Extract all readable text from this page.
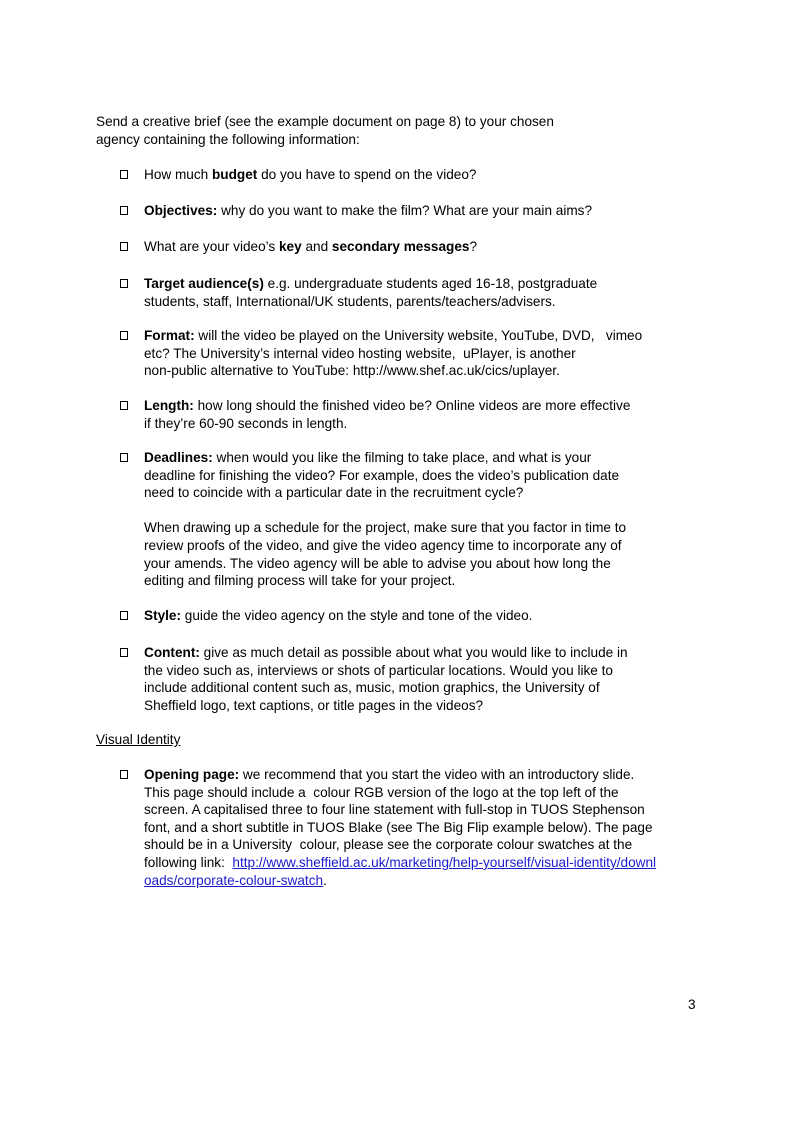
Send a creative brief (see the example document on page 8) to your chosen
agency containing the following information:

How much budget do you have to spend on the video?
Objectives: why do you want to make the film? What are your main aims?
What are your video’s key and secondary messages?
Target audience(s) e.g. undergraduate students aged 16-18, postgraduate
students, staff, International/UK students, parents/teachers/advisers.
Format: will the video be played on the University website, YouTube, DVD,   vimeo
etc? The University’s internal video hosting website,  uPlayer, is another
non-public alternative to YouTube: http://www.shef.ac.uk/cics/uplayer.
Length: how long should the finished video be? Online videos are more effective
if they’re 60-90 seconds in length.
Deadlines: when would you like the filming to take place, and what is your
deadline for finishing the video? For example, does the video’s publication date
need to coincide with a particular date in the recruitment cycle?
When drawing up a schedule for the project, make sure that you factor in time to
review proofs of the video, and give the video agency time to incorporate any of
your amends. The video agency will be able to advise you about how long the
editing and filming process will take for your project.
Style: guide the video agency on the style and tone of the video.
Content: give as much detail as possible about what you would like to include in
the video such as, interviews or shots of particular locations. Would you like to
include additional content such as, music, motion graphics, the University of
Sheffield logo, text captions, or title pages in the videos?
Visual Identity
Opening page: we recommend that you start the video with an introductory slide.
This page should include a  colour RGB version of the logo at the top left of the
screen. A capitalised three to four line statement with full-stop in TUOS Stephenson
font, and a short subtitle in TUOS Blake (see The Big Flip example below). The page
should be in a University  colour, please see the corporate colour swatches at the
following link:  http://www.sheffield.ac.uk/marketing/help-yourself/visual-identity/downl
oads/corporate-colour-swatch.
3
